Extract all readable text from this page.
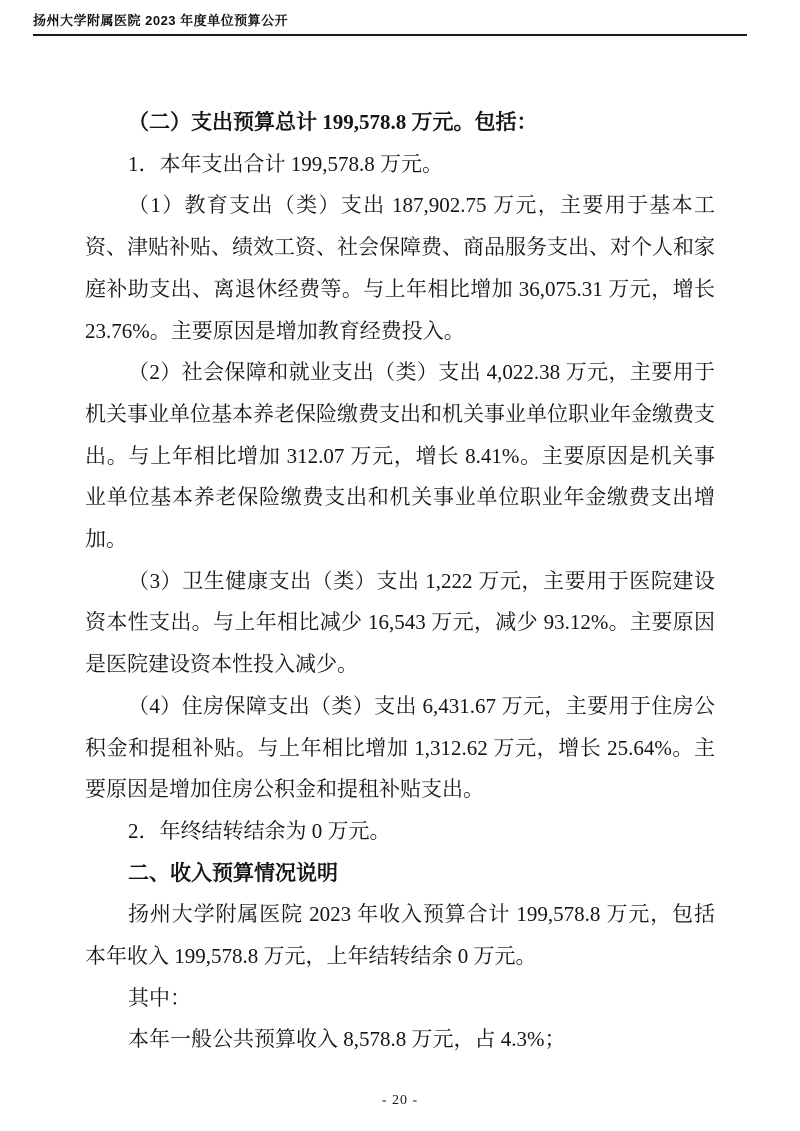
扬州大学附属医院 2023 年度单位预算公开

（二）支出预算总计 199,578.8 万元。包括：

1．本年支出合计 199,578.8 万元。

（1）教育支出（类）支出 187,902.75 万元，主要用于基本工资、津贴补贴、绩效工资、社会保障费、商品服务支出、对个人和家庭补助支出、离退休经费等。与上年相比增加 36,075.31 万元，增长 23.76%。主要原因是增加教育经费投入。

（2）社会保障和就业支出（类）支出 4,022.38 万元，主要用于机关事业单位基本养老保险缴费支出和机关事业单位职业年金缴费支出。与上年相比增加 312.07 万元，增长 8.41%。主要原因是机关事业单位基本养老保险缴费支出和机关事业单位职业年金缴费支出增加。

（3）卫生健康支出（类）支出 1,222 万元，主要用于医院建设资本性支出。与上年相比减少 16,543 万元，减少 93.12%。主要原因是医院建设资本性投入减少。

（4）住房保障支出（类）支出 6,431.67 万元，主要用于住房公积金和提租补贴。与上年相比增加 1,312.62 万元，增长 25.64%。主要原因是增加住房公积金和提租补贴支出。

2．年终结转结余为 0 万元。

二、收入预算情况说明

扬州大学附属医院 2023 年收入预算合计 199,578.8 万元，包括本年收入 199,578.8 万元，上年结转结余 0 万元。

其中：

本年一般公共预算收入 8,578.8 万元，占 4.3%；

- 20 -
